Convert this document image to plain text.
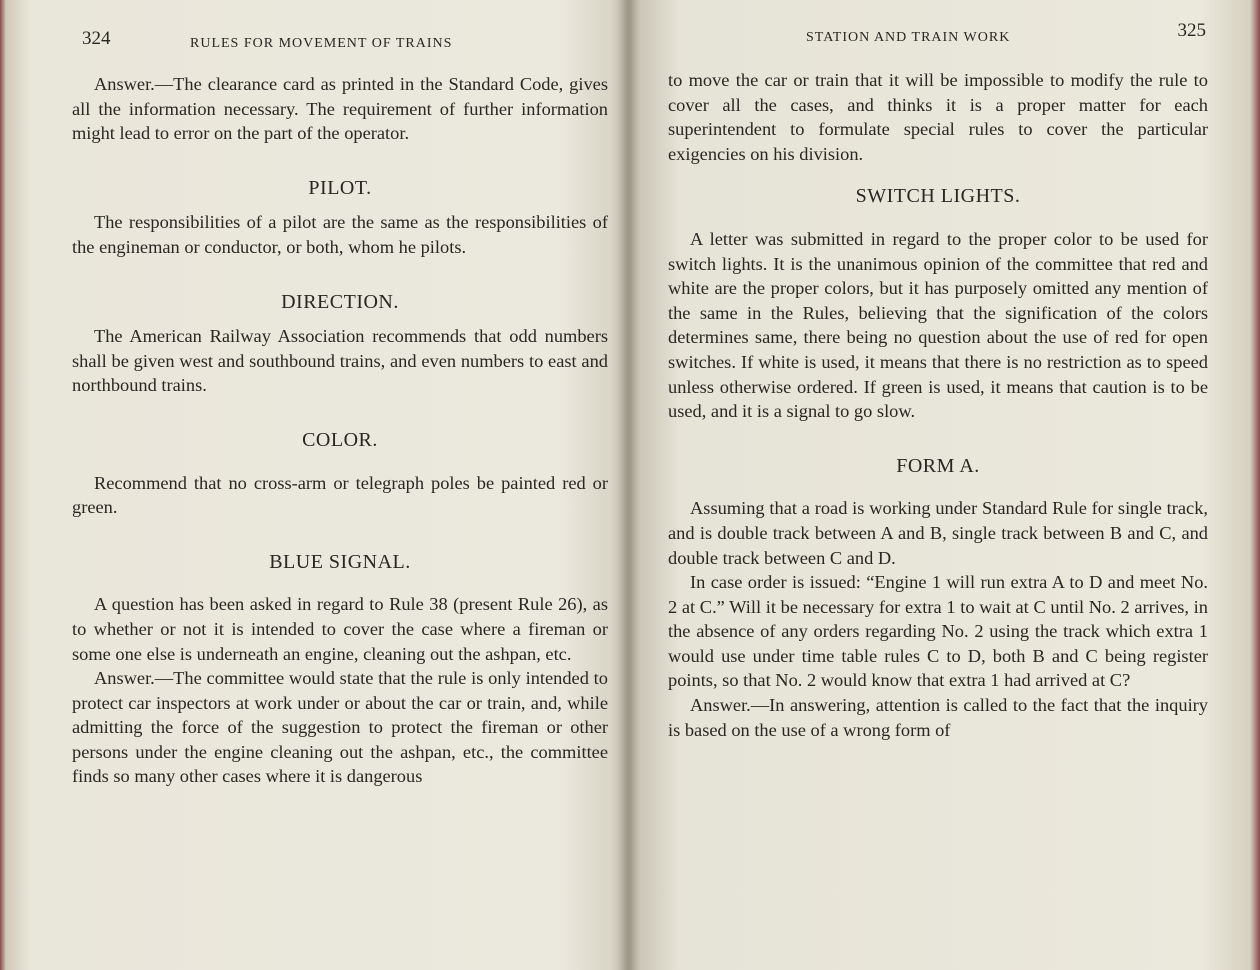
324	RULES FOR MOVEMENT OF TRAINS

Answer.—The clearance card as printed in the Standard Code, gives all the information necessary. The requirement of further information might lead to error on the part of the operator.

PILOT.

The responsibilities of a pilot are the same as the responsibilities of the engineman or conductor, or both, whom he pilots.

DIRECTION.

The American Railway Association recommends that odd numbers shall be given west and southbound trains, and even numbers to east and northbound trains.

COLOR.

Recommend that no cross-arm or telegraph poles be painted red or green.

BLUE SIGNAL.

A question has been asked in regard to Rule 38 (present Rule 26), as to whether or not it is intended to cover the case where a fireman or some one else is underneath an engine, cleaning out the ashpan, etc.

Answer.—The committee would state that the rule is only intended to protect car inspectors at work under or about the car or train, and, while admitting the force of the suggestion to protect the fireman or other persons under the engine cleaning out the ashpan, etc., the committee finds so many other cases where it is dangerous

STATION AND TRAIN WORK	325

to move the car or train that it will be impossible to modify the rule to cover all the cases, and thinks it is a proper matter for each superintendent to formulate special rules to cover the particular exigencies on his division.

SWITCH LIGHTS.

A letter was submitted in regard to the proper color to be used for switch lights. It is the unanimous opinion of the committee that red and white are the proper colors, but it has purposely omitted any mention of the same in the Rules, believing that the signification of the colors determines same, there being no question about the use of red for open switches. If white is used, it means that there is no restriction as to speed unless otherwise ordered. If green is used, it means that caution is to be used, and it is a signal to go slow.

FORM A.

Assuming that a road is working under Standard Rule for single track, and is double track between A and B, single track between B and C, and double track between C and D.

In case order is issued: “Engine 1 will run extra A to D and meet No. 2 at C.” Will it be necessary for extra 1 to wait at C until No. 2 arrives, in the absence of any orders regarding No. 2 using the track which extra 1 would use under time table rules C to D, both B and C being register points, so that No. 2 would know that extra 1 had arrived at C?

Answer.—In answering, attention is called to the fact that the inquiry is based on the use of a wrong form of
